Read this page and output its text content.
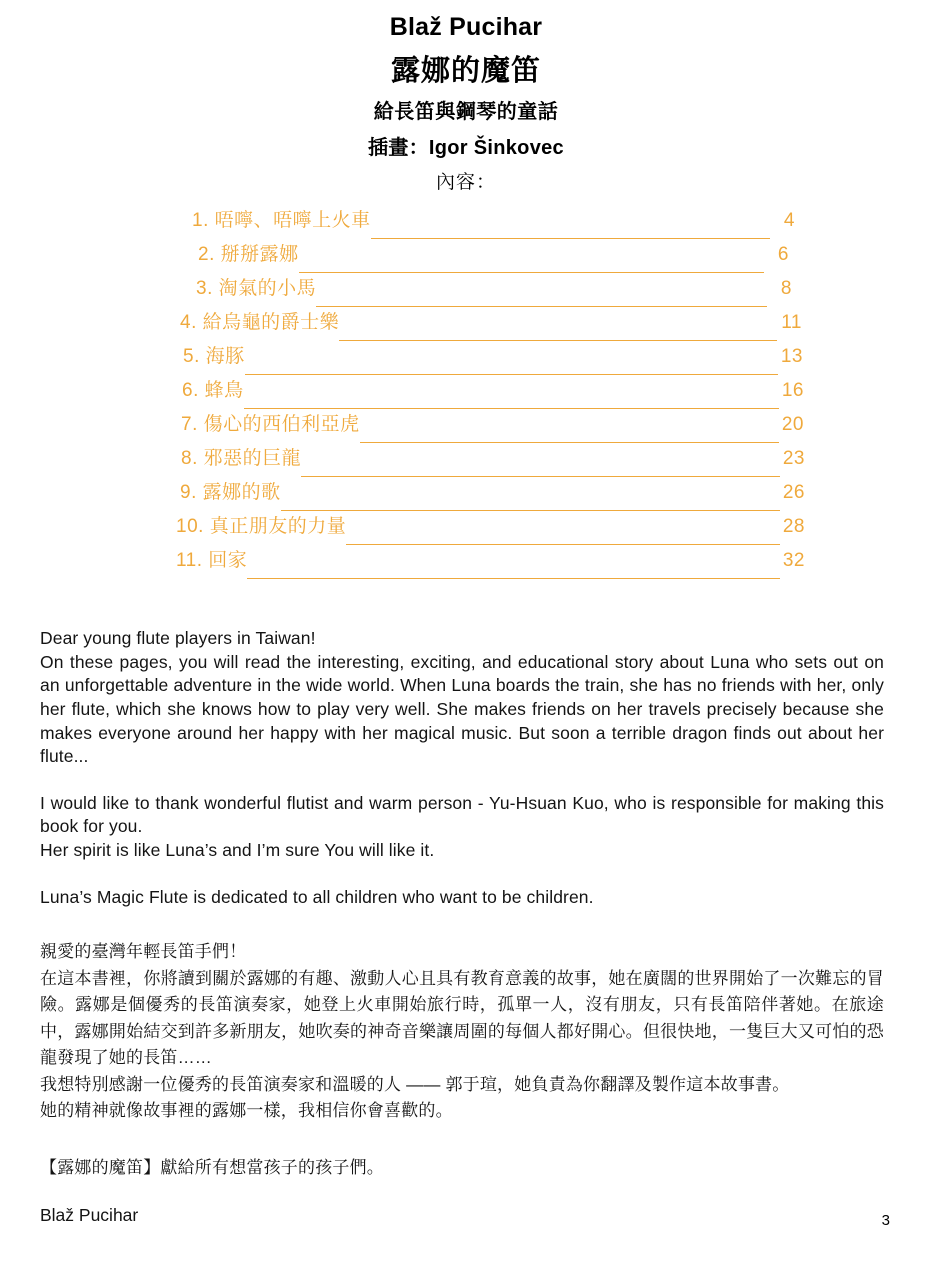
Blaž Pucihar
露娜的魔笛
給長笛與鋼琴的童話
插畫：Igor Šinkovec
內容：
1. 唔嚀、唔嚀上火車	4
2. 掰掰露娜	6
3. 淘氣的小馬	8
4. 給烏龜的爵士樂	11
5. 海豚	13
6. 蜂鳥	16
7. 傷心的西伯利亞虎	20
8. 邪惡的巨龍	23
9. 露娜的歌	26
10. 真正朋友的力量	28
11. 回家	32
Dear young flute players in Taiwan!
On these pages, you will read the interesting, exciting, and educational story about Luna who sets out on an unforgettable adventure in the wide world. When Luna boards the train, she has no friends with her, only her flute, which she knows how to play very well. She makes friends on her travels precisely because she makes everyone around her happy with her magical music. But soon a terrible dragon finds out about her flute...
I would like to thank wonderful flutist and warm person - Yu-Hsuan Kuo, who is responsible for making this book for you.
Her spirit is like Luna’s and I’m sure You will like it.
Luna’s Magic Flute is dedicated to all children who want to be children.
親愛的臺灣年輕長笛手們！
在這本書裡，你將讀到關於露娜的有趣、激動人心且具有教育意義的故事，她在廣闊的世界開始了一次難忘的冒險。露娜是個優秀的長笛演奏家，她登上火車開始旅行時，孤單一人，沒有朋友，只有長笛陪伴著她。在旅途中，露娜開始結交到許多新朋友，她吹奏的神奇音樂讓周圍的每個人都好開心。但很快地，一隻巨大又可怕的恐龍發現了她的長笛……
我想特別感謝一位優秀的長笛演奏家和溫暖的人 —— 郭于瑄，她負責為你翻譯及製作這本故事書。
她的精神就像故事裡的露娜一樣，我相信你會喜歡的。
【露娜的魔笛】獻給所有想當孩子的孩子們。
Blaž Pucihar	3
